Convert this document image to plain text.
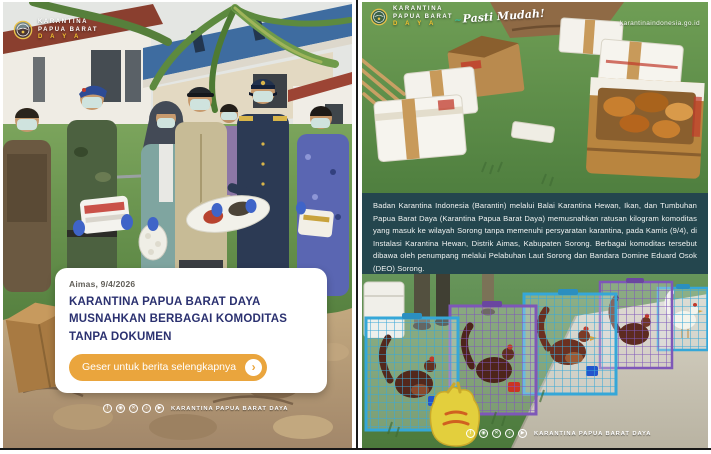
KARANTINA
PAPUA BARAT
D A Y A
Aimas, 9/4/2026
KARANTINA PAPUA BARAT DAYA MUSNAHKAN BERBAGAI KOMODITAS TANPA DOKUMEN
Geser untuk berita selengkapnya	›
f	◉	✕	♪	▶	KARANTINA PAPUA BARAT DAYA

Badan Karantina Indonesia (Barantin) melalui Balai Karantina Hewan, Ikan, dan Tumbuhan Papua Barat Daya (Karantina Papua Barat Daya) memusnahkan ratusan kilogram komoditas yang masuk ke wilayah Sorong tanpa memenuhi persyaratan karantina, pada Kamis (9/4), di Instalasi Karantina Hewan, Distrik Aimas, Kabupaten Sorong. Berbagai komoditas tersebut dibawa oleh penumpang melalui Pelabuhan Laut Sorong dan Bandara Domine Eduard Osok (DEO) Sorong.

KARANTINA
PAPUA BARAT
D A Y A	~Pasti Mudah!	karantinaindonesia.go.id
f	◉	✕	♪	▶	KARANTINA PAPUA BARAT DAYA
